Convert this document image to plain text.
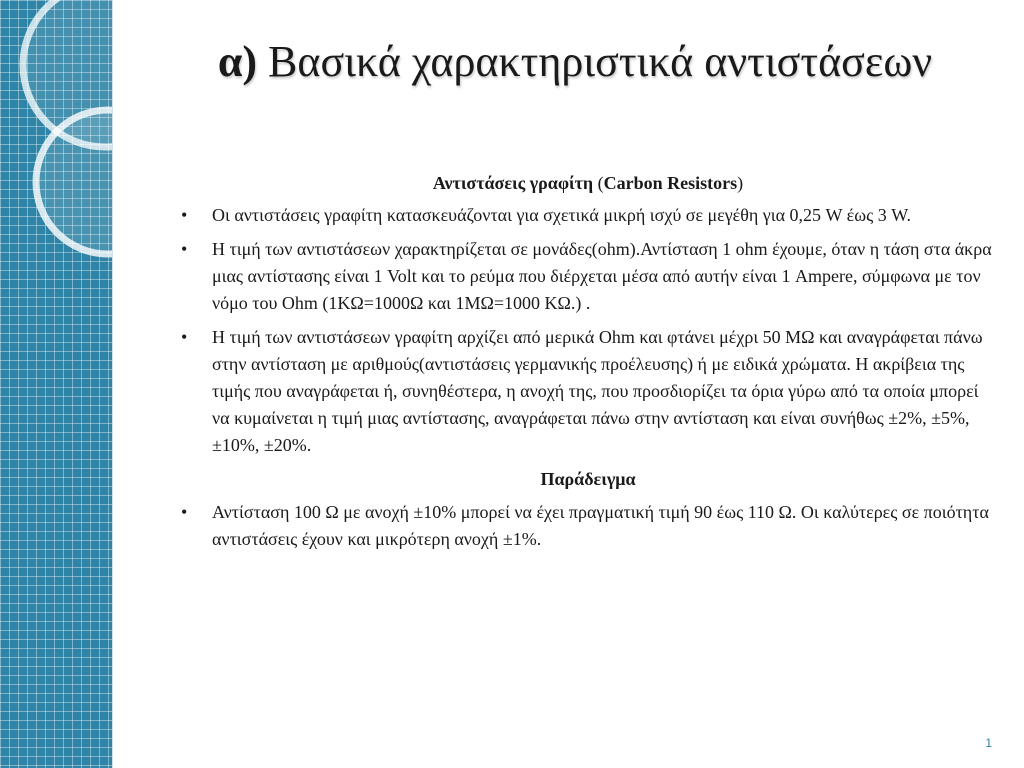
α) Βασικά χαρακτηριστικά αντιστάσεων
Αντιστάσεις γραφίτη (Carbon Resistors)
• Οι αντιστάσεις γραφίτη κατασκευάζονται για σχετικά μικρή ισχύ σε μεγέθη για 0,25 W έως 3 W.
• Η τιμή των αντιστάσεων χαρακτηρίζεται σε μονάδες(ohm).Αντίσταση 1 ohm έχουμε, όταν η τάση στα άκρα μιας αντίστασης είναι 1 Volt και το ρεύμα που διέρχεται μέσα από αυτήν είναι 1 Ampere, σύμφωνα με τον νόμο του Ohm (1ΚΩ=1000Ω και 1ΜΩ=1000 ΚΩ.) .
• Η τιμή των αντιστάσεων γραφίτη αρχίζει από μερικά Ohm και φτάνει μέχρι 50 ΜΩ και αναγράφεται πάνω στην αντίσταση με αριθμούς(αντιστάσεις γερμανικής προέλευσης) ή με ειδικά χρώματα. Η ακρίβεια της τιμής που αναγράφεται ή, συνηθέστερα, η ανοχή της, που προσδιορίζει τα όρια γύρω από τα οποία μπορεί να κυμαίνεται η τιμή μιας αντίστασης, αναγράφεται πάνω στην αντίσταση και είναι συνήθως ±2%, ±5%, ±10%, ±20%.
Παράδειγμα
• Αντίσταση 100 Ω με ανοχή ±10% μπορεί να έχει πραγματική τιμή 90 έως 110 Ω. Οι καλύτερες σε ποιότητα αντιστάσεις έχουν και μικρότερη ανοχή ±1%.
1
